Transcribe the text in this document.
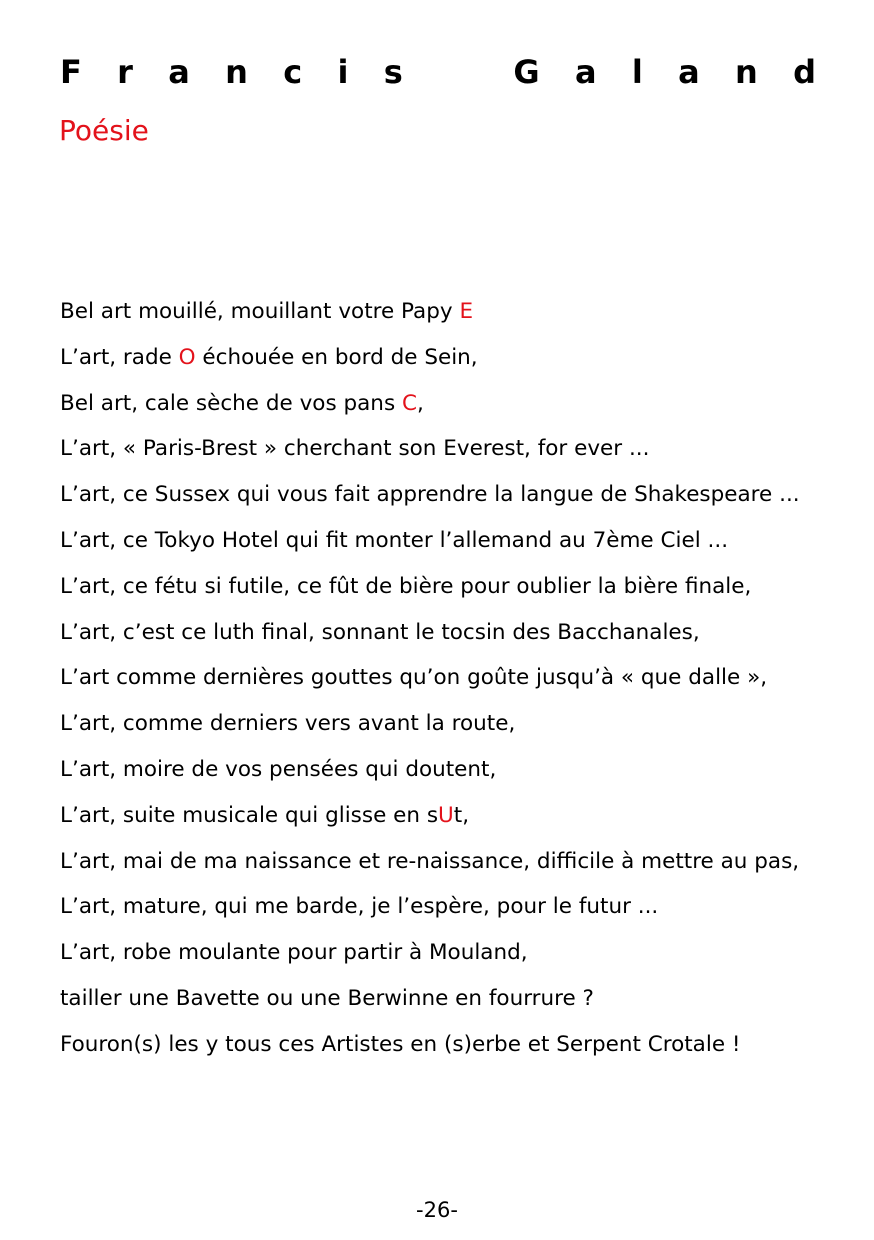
F r a n c i s	G a l a n d
Poésie
Bel art mouillé, mouillant votre Papy E
L’art, rade O échouée en bord de Sein,
Bel art, cale sèche de vos pans C,
L’art, « Paris-Brest » cherchant son Everest, for ever ...
L’art, ce Sussex qui vous fait apprendre la langue de Shakespeare ...
L’art, ce Tokyo Hotel qui fit monter l’allemand au 7ème Ciel ...
L’art, ce fétu si futile, ce fût de bière pour oublier la bière finale,
L’art, c’est ce luth final, sonnant le tocsin des Bacchanales,
L’art comme dernières gouttes qu’on goûte jusqu’à « que dalle »,
L’art, comme derniers vers avant la route,
L’art, moire de vos pensées qui doutent,
L’art, suite musicale qui glisse en sUt,
L’art, mai de ma naissance et re-naissance, difficile à mettre au pas,
L’art, mature, qui me barde, je l’espère, pour le futur ...
L’art, robe moulante pour partir à Mouland,
tailler une Bavette ou une Berwinne en fourrure ?
Fouron(s) les y tous ces Artistes en (s)erbe et Serpent Crotale !
-26-
